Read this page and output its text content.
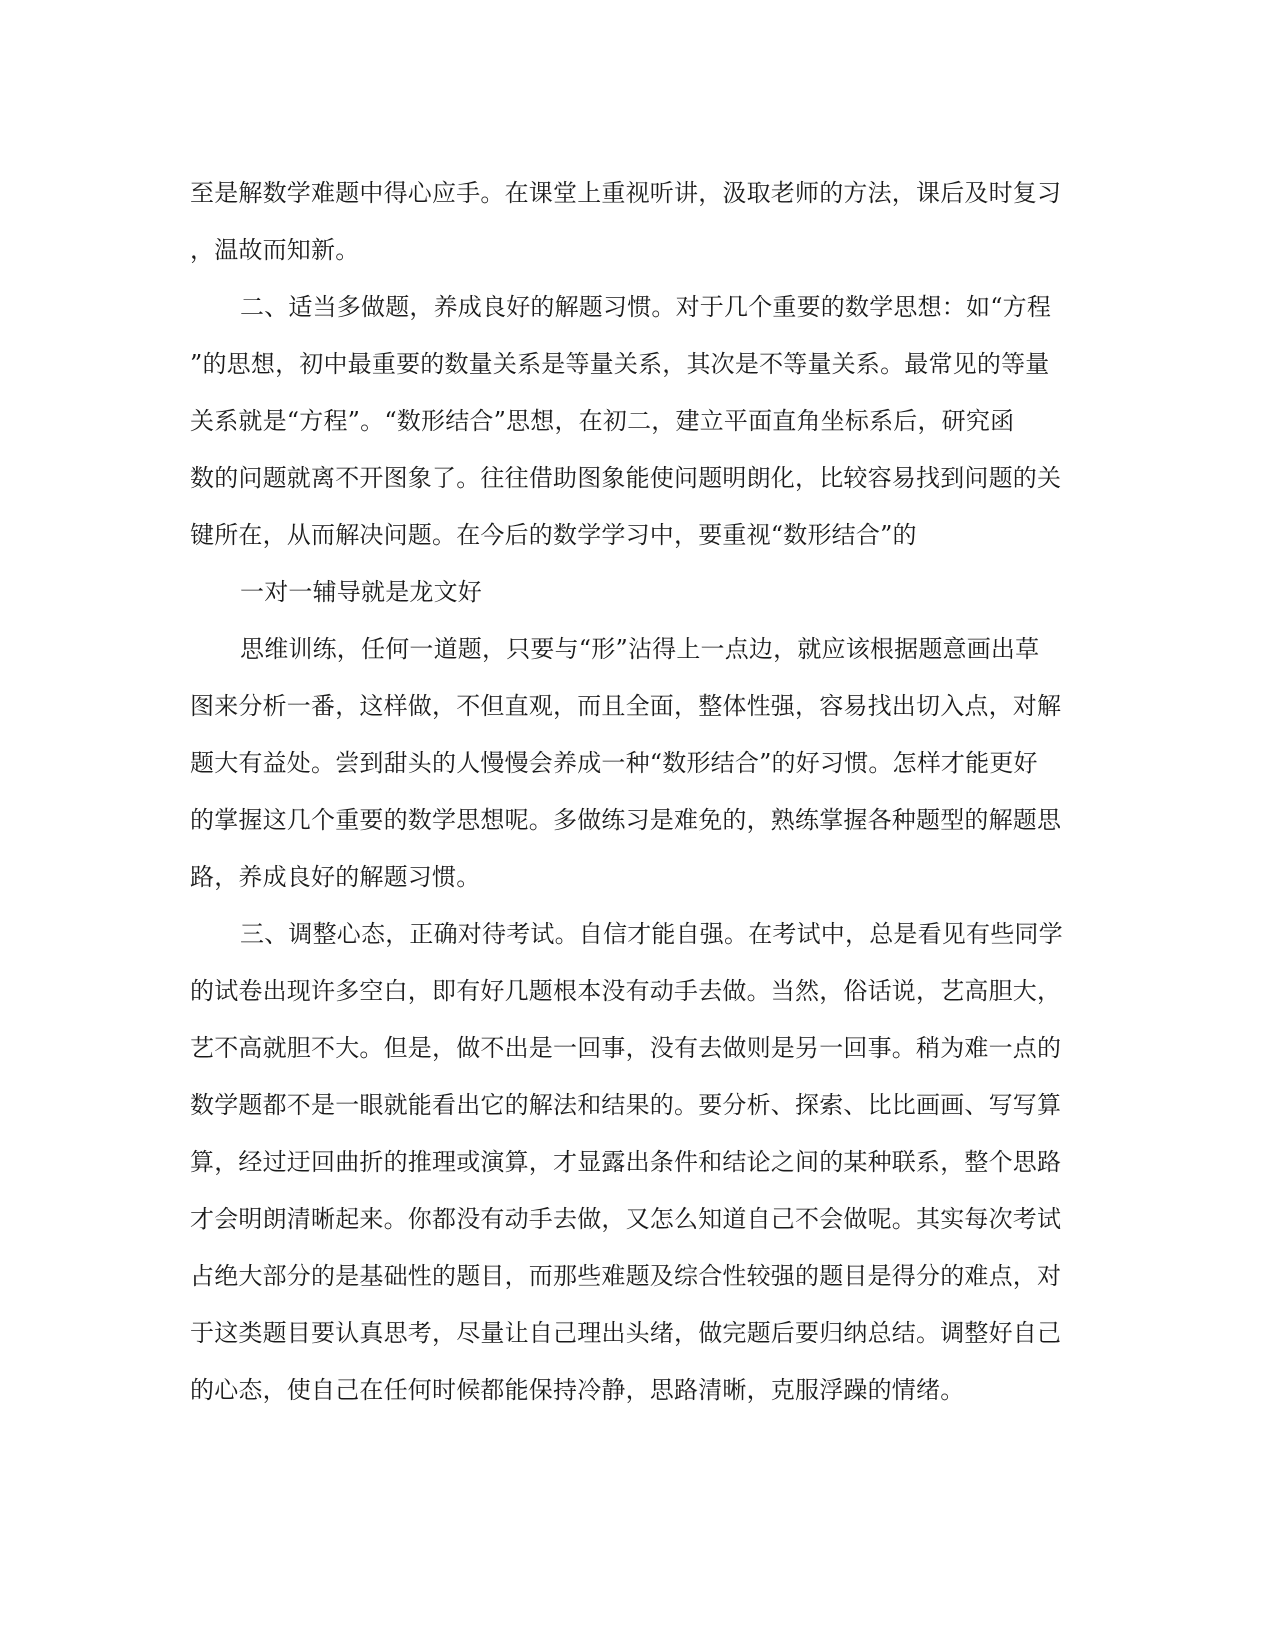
至是解数学难题中得心应手。在课堂上重视听讲，汲取老师的方法，课后及时复习
，温故而知新。
二、适当多做题，养成良好的解题习惯。对于几个重要的数学思想：如“方程
”的思想，初中最重要的数量关系是等量关系，其次是不等量关系。最常见的等量
关系就是“方程”。“数形结合”思想，在初二，建立平面直角坐标系后，研究函
数的问题就离不开图象了。往往借助图象能使问题明朗化，比较容易找到问题的关
键所在，从而解决问题。在今后的数学学习中，要重视“数形结合”的
一对一辅导就是龙文好
思维训练，任何一道题，只要与“形”沾得上一点边，就应该根据题意画出草
图来分析一番，这样做，不但直观，而且全面，整体性强，容易找出切入点，对解
题大有益处。尝到甜头的人慢慢会养成一种“数形结合”的好习惯。怎样才能更好
的掌握这几个重要的数学思想呢。多做练习是难免的，熟练掌握各种题型的解题思
路，养成良好的解题习惯。
三、调整心态，正确对待考试。自信才能自强。在考试中，总是看见有些同学
的试卷出现许多空白，即有好几题根本没有动手去做。当然，俗话说，艺高胆大，
艺不高就胆不大。但是，做不出是一回事，没有去做则是另一回事。稍为难一点的
数学题都不是一眼就能看出它的解法和结果的。要分析、探索、比比画画、写写算
算，经过迂回曲折的推理或演算，才显露出条件和结论之间的某种联系，整个思路
才会明朗清晰起来。你都没有动手去做，又怎么知道自己不会做呢。其实每次考试
占绝大部分的是基础性的题目，而那些难题及综合性较强的题目是得分的难点，对
于这类题目要认真思考，尽量让自己理出头绪，做完题后要归纳总结。调整好自己
的心态，使自己在任何时候都能保持冷静，思路清晰，克服浮躁的情绪。
